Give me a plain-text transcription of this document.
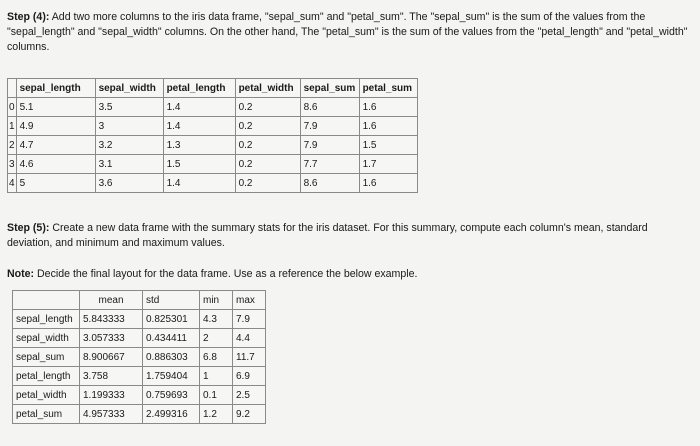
Step (4): Add two more columns to the iris data frame, "sepal_sum" and "petal_sum". The "sepal_sum" is the sum of the values from the "sepal_length" and "sepal_width" columns. On the other hand, The "petal_sum" is the sum of the values from the "petal_length" and "petal_width" columns.
	sepal_length	sepal_width	petal_length	petal_width	sepal_sum	petal_sum
0	5.1	3.5	1.4	0.2	8.6	1.6
1	4.9	3	1.4	0.2	7.9	1.6
2	4.7	3.2	1.3	0.2	7.9	1.5
3	4.6	3.1	1.5	0.2	7.7	1.7
4	5	3.6	1.4	0.2	8.6	1.6
Step (5): Create a new data frame with the summary stats for the iris dataset. For this summary, compute each column's mean, standard deviation, and minimum and maximum values.
Note: Decide the final layout for the data frame. Use as a reference the below example.
	mean	std	min	max
sepal_length	5.843333	0.825301	4.3	7.9
sepal_width	3.057333	0.434411	2	4.4
sepal_sum	8.900667	0.886303	6.8	11.7
petal_length	3.758	1.759404	1	6.9
petal_width	1.199333	0.759693	0.1	2.5
petal_sum	4.957333	2.499316	1.2	9.2
